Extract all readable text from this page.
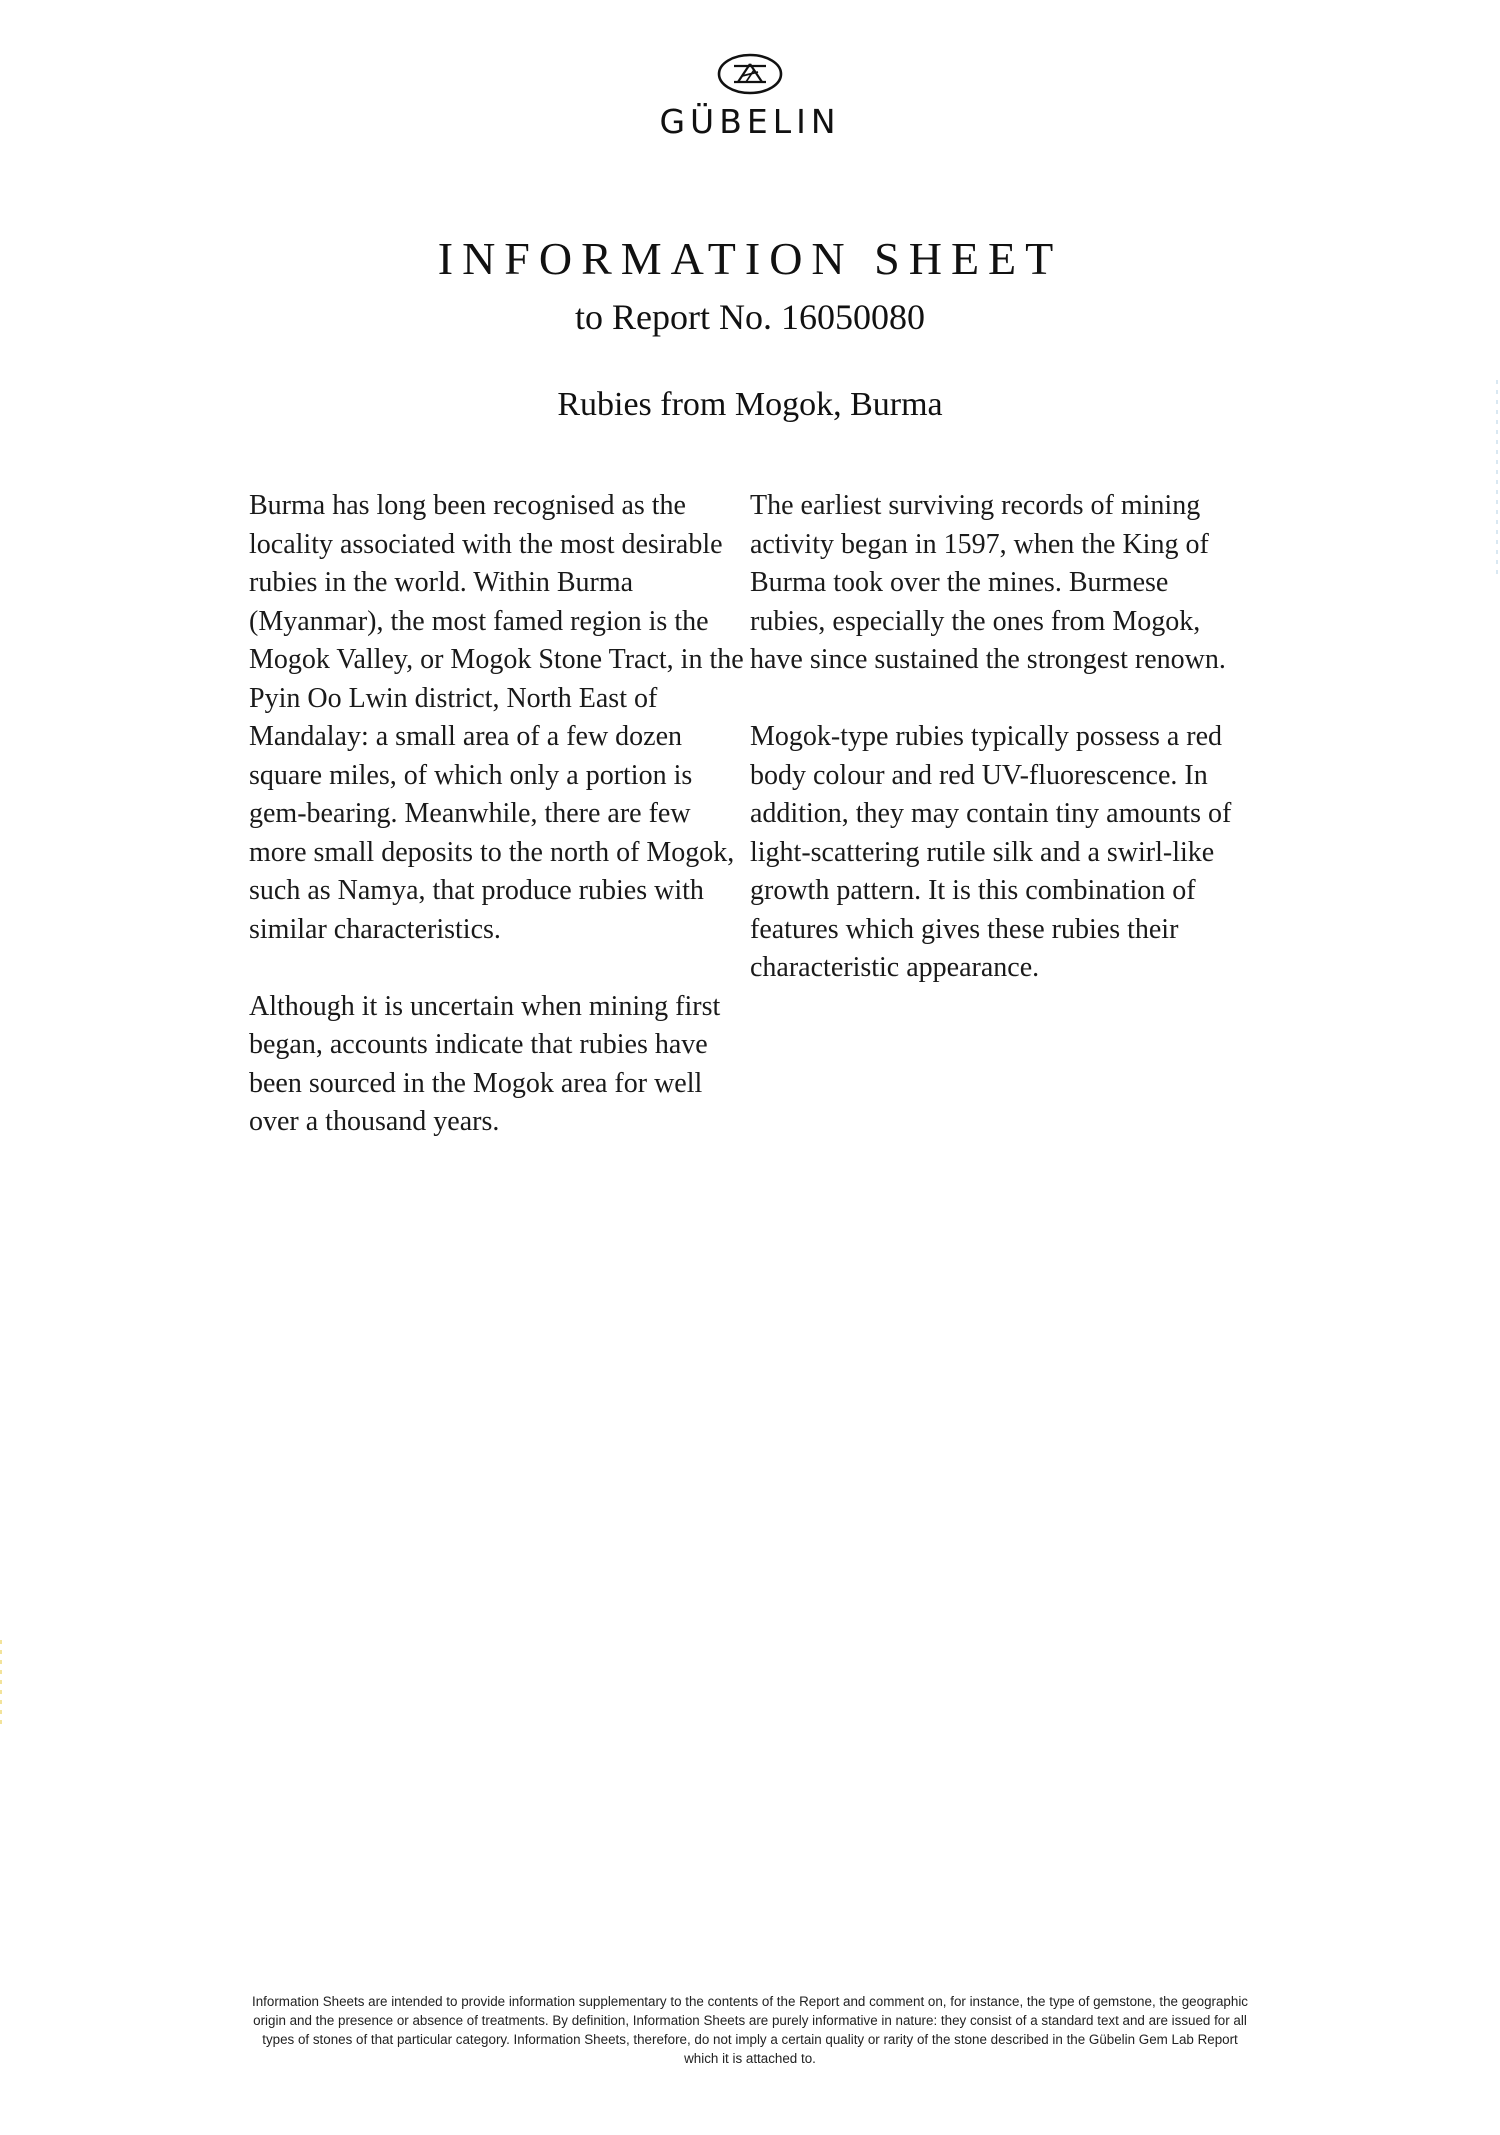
GÜBELIN
INFORMATION SHEET
to Report No. 16050080
Rubies from Mogok, Burma

Burma has long been recognised as the locality associated with the most desirable rubies in the world. Within Burma (Myanmar), the most famed region is the Mogok Valley, or Mogok Stone Tract, in the Pyin Oo Lwin district, North East of Mandalay: a small area of a few dozen square miles, of which only a portion is gem-bearing. Meanwhile, there are few more small deposits to the north of Mogok, such as Namya, that produce rubies with similar characteristics.

Although it is uncertain when mining first began, accounts indicate that rubies have been sourced in the Mogok area for well over a thousand years.

The earliest surviving records of mining activity began in 1597, when the King of Burma took over the mines. Burmese rubies, especially the ones from Mogok, have since sustained the strongest renown.

Mogok-type rubies typically possess a red body colour and red UV-fluorescence. In addition, they may contain tiny amounts of light-scattering rutile silk and a swirl-like growth pattern. It is this combination of features which gives these rubies their characteristic appearance.

Information Sheets are intended to provide information supplementary to the contents of the Report and comment on, for instance, the type of gemstone, the geographic origin and the presence or absence of treatments. By definition, Information Sheets are purely informative in nature: they consist of a standard text and are issued for all types of stones of that particular category. Information Sheets, therefore, do not imply a certain quality or rarity of the stone described in the Gübelin Gem Lab Report which it is attached to.
